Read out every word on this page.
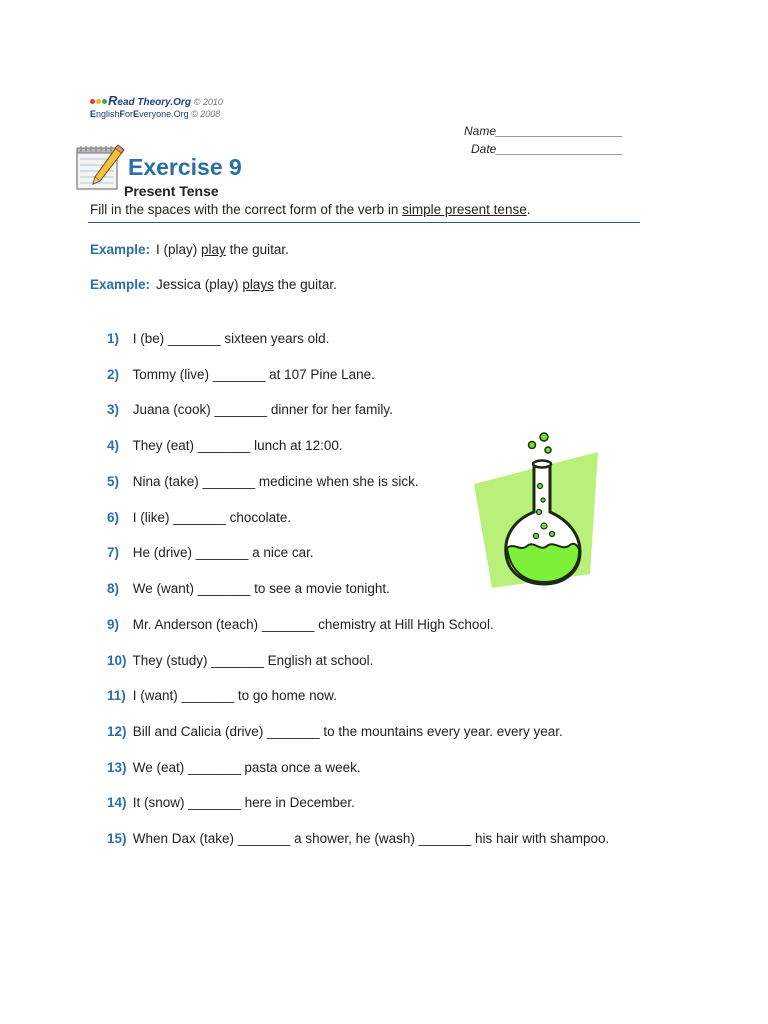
Read Theory.Org © 2010
EnglishForEveryone.Org © 2008
Name___________________
Date___________________
Exercise 9
Present Tense
Fill in the spaces with the correct form of the verb in simple present tense.
Example: I (play) play the guitar.
Example: Jessica (play) plays the guitar.
1) I (be) _______ sixteen years old.
2) Tommy (live) _______ at 107 Pine Lane.
3) Juana (cook) _______ dinner for her family.
4) They (eat) _______ lunch at 12:00.
5) Nina (take) _______ medicine when she is sick.
6) I (like) _______ chocolate.
7) He (drive) _______ a nice car.
8) We (want) _______ to see a movie tonight.
9) Mr. Anderson (teach) _______ chemistry at Hill High School.
10) They (study) _______ English at school.
11) I (want) _______ to go home now.
12) Bill and Calicia (drive) _______ to the mountains every year. every year.
13) We (eat) _______ pasta once a week.
14) It (snow) _______ here in December.
15) When Dax (take) _______ a shower, he (wash) _______ his hair with shampoo.
